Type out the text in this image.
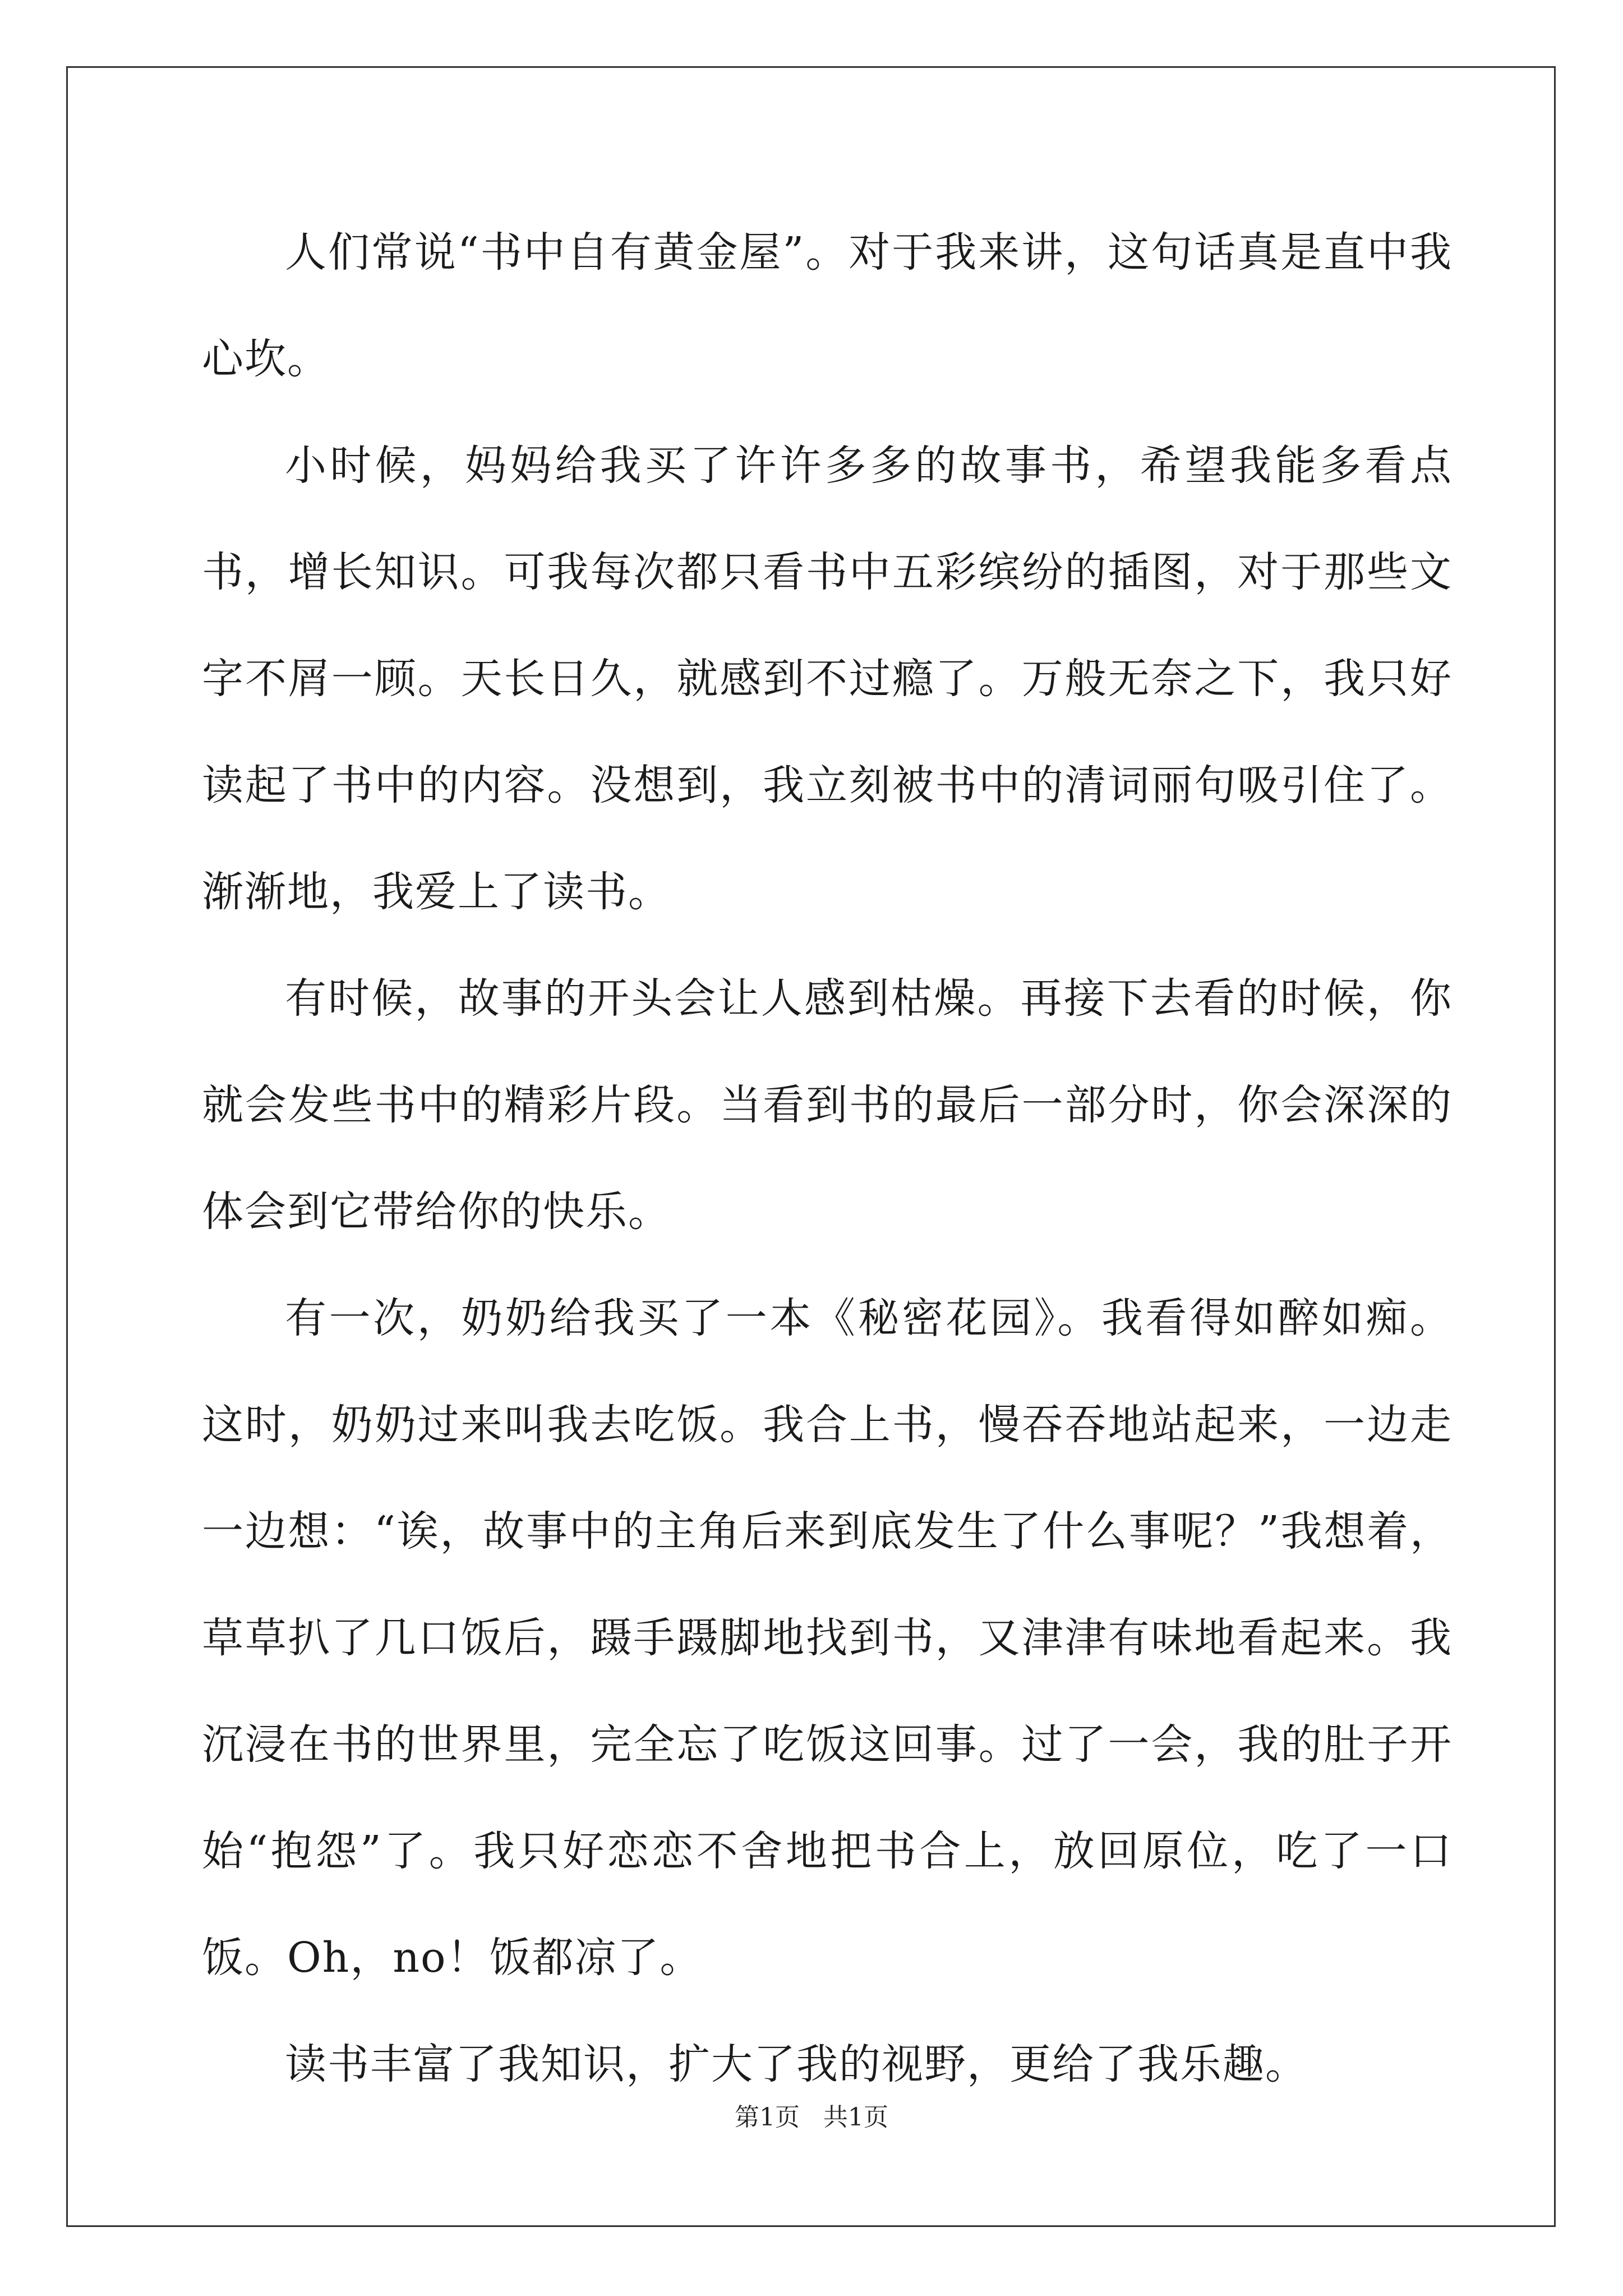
人们常说“书中自有黄金屋”。对于我来讲，这句话真是直中我心坎。

小时候，妈妈给我买了许许多多的故事书，希望我能多看点书，增长知识。可我每次都只看书中五彩缤纷的插图，对于那些文字不屑一顾。天长日久，就感到不过瘾了。万般无奈之下，我只好读起了书中的内容。没想到，我立刻被书中的清词丽句吸引住了。渐渐地，我爱上了读书。

有时候，故事的开头会让人感到枯燥。再接下去看的时候，你就会发些书中的精彩片段。当看到书的最后一部分时，你会深深的体会到它带给你的快乐。

有一次，奶奶给我买了一本《秘密花园》。我看得如醉如痴。这时，奶奶过来叫我去吃饭。我合上书，慢吞吞地站起来，一边走一边想：“诶，故事中的主角后来到底发生了什么事呢？”我想着，草草扒了几口饭后，蹑手蹑脚地找到书，又津津有味地看起来。我沉浸在书的世界里，完全忘了吃饭这回事。过了一会，我的肚子开始“抱怨”了。我只好恋恋不舍地把书合上，放回原位，吃了一口饭。Oh，no！饭都凉了。

读书丰富了我知识，扩大了我的视野，更给了我乐趣。

第1页 共1页
